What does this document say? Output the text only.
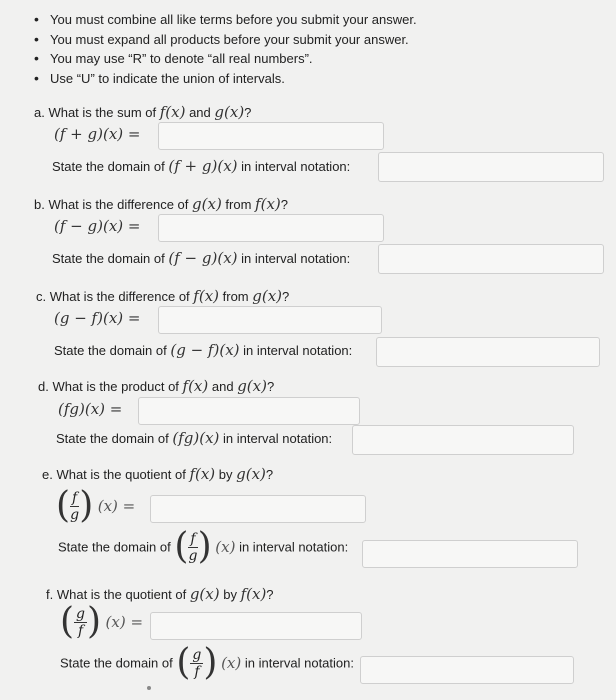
• You must combine all like terms before you submit your answer.
• You must expand all products before your submit your answer.
• You may use “R” to denote “all real numbers”.
• Use “U” to indicate the union of intervals.
a. What is the sum of f(x) and g(x)?
(f + g)(x) =
State the domain of (f + g)(x) in interval notation:
b. What is the difference of g(x) from f(x)?
(f − g)(x) =
State the domain of (f − g)(x) in interval notation:
c. What is the difference of f(x) from g(x)?
(g − f)(x) =
State the domain of (g − f)(x) in interval notation:
d. What is the product of f(x) and g(x)?
(fg)(x) =
State the domain of (fg)(x) in interval notation:
e. What is the quotient of f(x) by g(x)?
( $\frac{f}{g}$ ) (x) =
State the domain of ( $\frac{f}{g}$ ) (x) in interval notation:
f. What is the quotient of g(x) by f(x)?
( $\frac{g}{f}$ ) (x) =
State the domain of ( $\frac{g}{f}$ ) (x) in interval notation:
